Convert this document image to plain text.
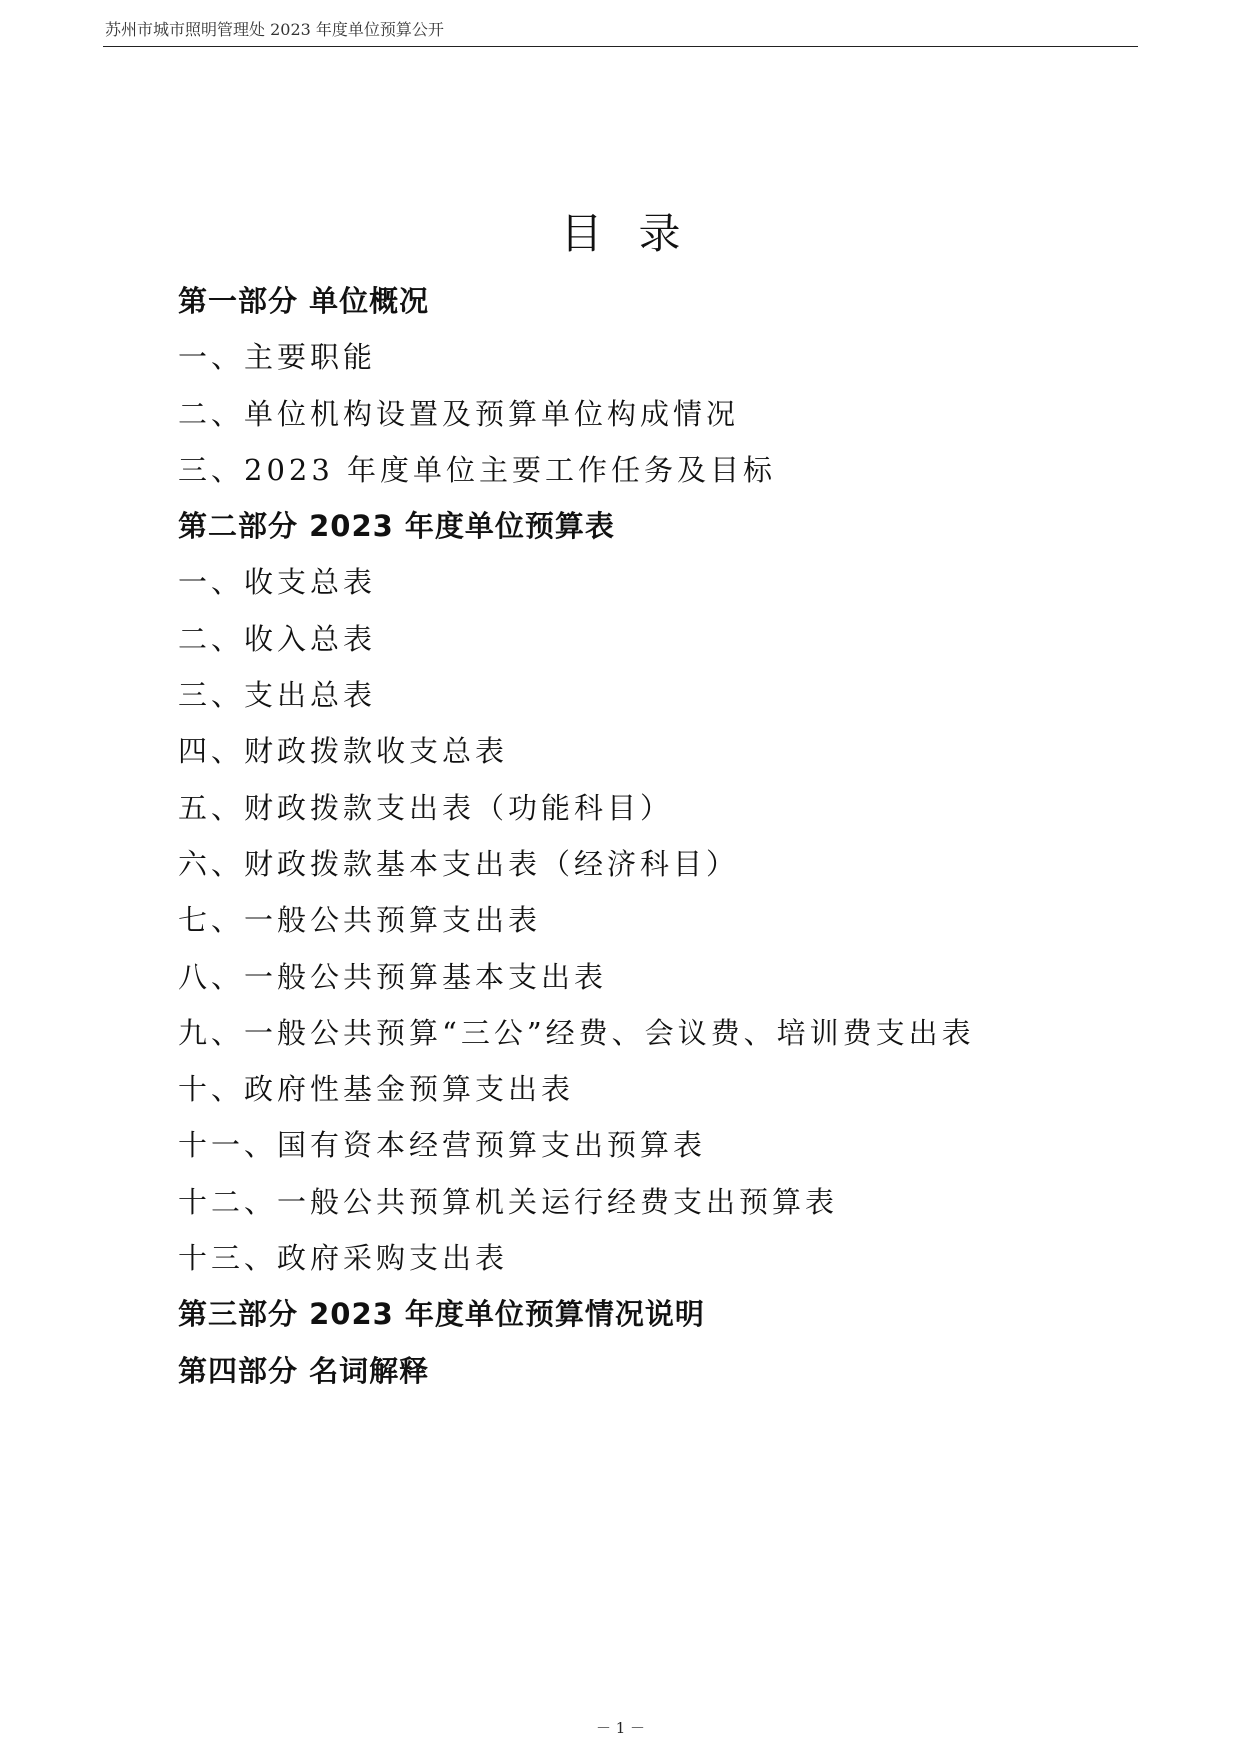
苏州市城市照明管理处 2023 年度单位预算公开
目录
第一部分 单位概况
一、主要职能
二、单位机构设置及预算单位构成情况
三、2023 年度单位主要工作任务及目标
第二部分 2023 年度单位预算表
一、收支总表
二、收入总表
三、支出总表
四、财政拨款收支总表
五、财政拨款支出表（功能科目）
六、财政拨款基本支出表（经济科目）
七、一般公共预算支出表
八、一般公共预算基本支出表
九、一般公共预算“三公”经费、会议费、培训费支出表
十、政府性基金预算支出表
十一、国有资本经营预算支出预算表
十二、一般公共预算机关运行经费支出预算表
十三、政府采购支出表
第三部分 2023 年度单位预算情况说明
第四部分 名词解释
－ 1 －
